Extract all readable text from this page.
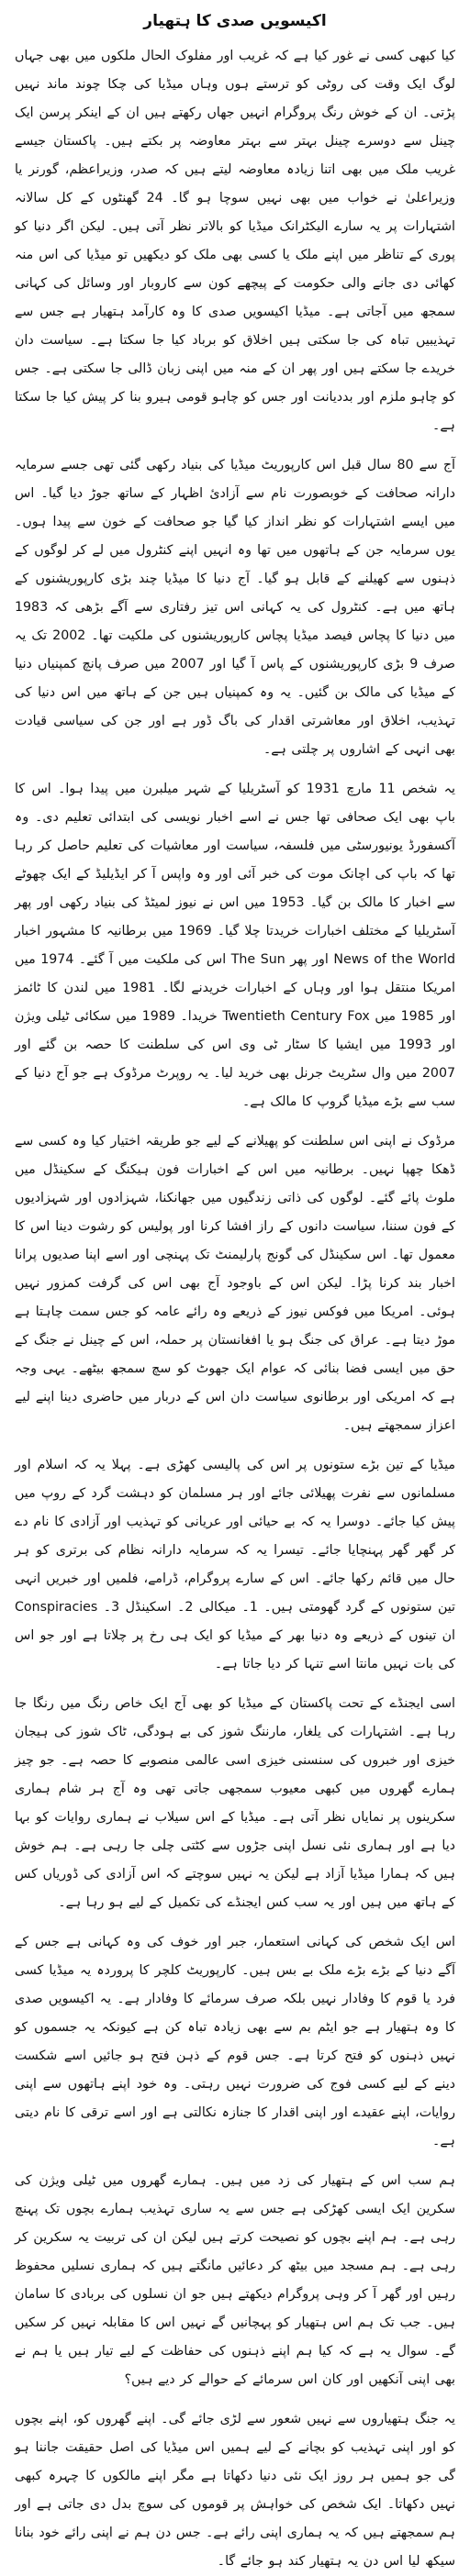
اکیسویں صدی کا ہتھیار

کیا کبھی کسی نے غور کیا ہے کہ غریب اور مفلوک الحال ملکوں میں بھی جہاں لوگ ایک وقت کی روٹی کو ترستے ہوں وہاں میڈیا کی چکا چوند ماند نہیں پڑتی۔ ان کے خوش رنگ پروگرام انہیں جھاں رکھتے ہیں ان کے اینکر پرسن ایک چینل سے دوسرے چینل بہتر سے بہتر معاوضہ پر بکتے ہیں۔ پاکستان جیسے غریب ملک میں بھی اتنا زیادہ معاوضہ لیتے ہیں کہ صدر، وزیراعظم، گورنر یا وزیراعلیٰ نے خواب میں بھی نہیں سوچا ہو گا۔ 24 گھنٹوں کے کل سالانہ اشتہارات پر یہ سارے الیکٹرانک میڈیا کو بالاتر نظر آتی ہیں۔ لیکن اگر دنیا کو پوری کے تناظر میں اپنے ملک یا کسی بھی ملک کو دیکھیں تو میڈیا کی اس منہ کھائی دی جانے والی حکومت کے پیچھے کون سے کاروبار اور وسائل کی کہانی سمجھ میں آجاتی ہے۔ میڈیا اکیسویں صدی کا وہ کارآمد ہتھیار ہے جس سے تہذیبیں تباہ کی جا سکتی ہیں اخلاق کو برباد کیا جا سکتا ہے۔ سیاست دان خریدے جا سکتے ہیں اور پھر ان کے منہ میں اپنی زبان ڈالی جا سکتی ہے۔ جس کو چاہو ملزم اور بددیانت اور جس کو چاہو قومی ہیرو بنا کر پیش کیا جا سکتا ہے۔

آج سے 80 سال قبل اس کارپوریٹ میڈیا کی بنیاد رکھی گئی تھی جسے سرمایہ دارانہ صحافت کے خوبصورت نام سے آزادیٔ اظہار کے ساتھ جوڑ دیا گیا۔ اس میں ایسے اشتہارات کو نظر انداز کیا گیا جو صحافت کے خون سے پیدا ہوں۔ یوں سرمایہ جن کے ہاتھوں میں تھا وہ انہیں اپنے کنٹرول میں لے کر لوگوں کے ذہنوں سے کھیلنے کے قابل ہو گیا۔ آج دنیا کا میڈیا چند بڑی کارپوریشنوں کے ہاتھ میں ہے۔ کنٹرول کی یہ کہانی اس تیز رفتاری سے آگے بڑھی کہ 1983 میں دنیا کا پچاس فیصد میڈیا پچاس کارپوریشنوں کی ملکیت تھا۔ 2002 تک یہ صرف 9 بڑی کارپوریشنوں کے پاس آ گیا اور 2007 میں صرف پانچ کمپنیاں دنیا کے میڈیا کی مالک بن گئیں۔ یہ وہ کمپنیاں ہیں جن کے ہاتھ میں اس دنیا کی تہذیب، اخلاق اور معاشرتی اقدار کی باگ ڈور ہے اور جن کی سیاسی قیادت بھی انہی کے اشاروں پر چلتی ہے۔

یہ شخص 11 مارچ 1931 کو آسٹریلیا کے شہر میلبرن میں پیدا ہوا۔ اس کا باپ بھی ایک صحافی تھا جس نے اسے اخبار نویسی کی ابتدائی تعلیم دی۔ وہ آکسفورڈ یونیورسٹی میں فلسفہ، سیاست اور معاشیات کی تعلیم حاصل کر رہا تھا کہ باپ کی اچانک موت کی خبر آئی اور وہ واپس آ کر ایڈیلیڈ کے ایک چھوٹے سے اخبار کا مالک بن گیا۔ 1953 میں اس نے نیوز لمیٹڈ کی بنیاد رکھی اور پھر آسٹریلیا کے مختلف اخبارات خریدتا چلا گیا۔ 1969 میں برطانیہ کا مشہور اخبار News of the World اور پھر The Sun اس کی ملکیت میں آ گئے۔ 1974 میں امریکا منتقل ہوا اور وہاں کے اخبارات خریدنے لگا۔ 1981 میں لندن کا ٹائمز اور 1985 میں Twentieth Century Fox خریدا۔ 1989 میں سکائی ٹیلی ویژن اور 1993 میں ایشیا کا سٹار ٹی وی اس کی سلطنت کا حصہ بن گئے اور 2007 میں وال سٹریٹ جرنل بھی خرید لیا۔ یہ روپرٹ مرڈوک ہے جو آج دنیا کے سب سے بڑے میڈیا گروپ کا مالک ہے۔

مرڈوک نے اپنی اس سلطنت کو پھیلانے کے لیے جو طریقہ اختیار کیا وہ کسی سے ڈھکا چھپا نہیں۔ برطانیہ میں اس کے اخبارات فون ہیکنگ کے سکینڈل میں ملوث پائے گئے۔ لوگوں کی ذاتی زندگیوں میں جھانکنا، شہزادوں اور شہزادیوں کے فون سننا، سیاست دانوں کے راز افشا کرنا اور پولیس کو رشوت دینا اس کا معمول تھا۔ اس سکینڈل کی گونج پارلیمنٹ تک پہنچی اور اسے اپنا صدیوں پرانا اخبار بند کرنا پڑا۔ لیکن اس کے باوجود آج بھی اس کی گرفت کمزور نہیں ہوئی۔ امریکا میں فوکس نیوز کے ذریعے وہ رائے عامہ کو جس سمت چاہتا ہے موڑ دیتا ہے۔ عراق کی جنگ ہو یا افغانستان پر حملہ، اس کے چینل نے جنگ کے حق میں ایسی فضا بنائی کہ عوام ایک جھوٹ کو سچ سمجھ بیٹھے۔ یہی وجہ ہے کہ امریکی اور برطانوی سیاست دان اس کے دربار میں حاضری دینا اپنے لیے اعزاز سمجھتے ہیں۔

میڈیا کے تین بڑے ستونوں پر اس کی پالیسی کھڑی ہے۔ پہلا یہ کہ اسلام اور مسلمانوں سے نفرت پھیلائی جائے اور ہر مسلمان کو دہشت گرد کے روپ میں پیش کیا جائے۔ دوسرا یہ کہ بے حیائی اور عریانی کو تہذیب اور آزادی کا نام دے کر گھر گھر پہنچایا جائے۔ تیسرا یہ کہ سرمایہ دارانہ نظام کی برتری کو ہر حال میں قائم رکھا جائے۔ اس کے سارے پروگرام، ڈرامے، فلمیں اور خبریں انہی تین ستونوں کے گرد گھومتی ہیں۔ 1۔ میکالی 2۔ اسکینڈل 3۔ Conspiracies ان تینوں کے ذریعے وہ دنیا بھر کے میڈیا کو ایک ہی رخ پر چلاتا ہے اور جو اس کی بات نہیں مانتا اسے تنہا کر دیا جاتا ہے۔

اسی ایجنڈے کے تحت پاکستان کے میڈیا کو بھی آج ایک خاص رنگ میں رنگا جا رہا ہے۔ اشتہارات کی یلغار، مارننگ شوز کی بے ہودگی، ٹاک شوز کی ہیجان خیزی اور خبروں کی سنسنی خیزی اسی عالمی منصوبے کا حصہ ہے۔ جو چیز ہمارے گھروں میں کبھی معیوب سمجھی جاتی تھی وہ آج ہر شام ہماری سکرینوں پر نمایاں نظر آتی ہے۔ میڈیا کے اس سیلاب نے ہماری روایات کو بہا دیا ہے اور ہماری نئی نسل اپنی جڑوں سے کٹتی چلی جا رہی ہے۔ ہم خوش ہیں کہ ہمارا میڈیا آزاد ہے لیکن یہ نہیں سوچتے کہ اس آزادی کی ڈوریاں کس کے ہاتھ میں ہیں اور یہ سب کس ایجنڈے کی تکمیل کے لیے ہو رہا ہے۔

اس ایک شخص کی کہانی استعمار، جبر اور خوف کی وہ کہانی ہے جس کے آگے دنیا کے بڑے بڑے ملک بے بس ہیں۔ کارپوریٹ کلچر کا پروردہ یہ میڈیا کسی فرد یا قوم کا وفادار نہیں بلکہ صرف سرمائے کا وفادار ہے۔ یہ اکیسویں صدی کا وہ ہتھیار ہے جو ایٹم بم سے بھی زیادہ تباہ کن ہے کیونکہ یہ جسموں کو نہیں ذہنوں کو فتح کرتا ہے۔ جس قوم کے ذہن فتح ہو جائیں اسے شکست دینے کے لیے کسی فوج کی ضرورت نہیں رہتی۔ وہ خود اپنے ہاتھوں سے اپنی روایات، اپنے عقیدے اور اپنی اقدار کا جنازہ نکالتی ہے اور اسے ترقی کا نام دیتی ہے۔

ہم سب اس کے ہتھیار کی زد میں ہیں۔ ہمارے گھروں میں ٹیلی ویژن کی سکرین ایک ایسی کھڑکی ہے جس سے یہ ساری تہذیب ہمارے بچوں تک پہنچ رہی ہے۔ ہم اپنے بچوں کو نصیحت کرتے ہیں لیکن ان کی تربیت یہ سکرین کر رہی ہے۔ ہم مسجد میں بیٹھ کر دعائیں مانگتے ہیں کہ ہماری نسلیں محفوظ رہیں اور گھر آ کر وہی پروگرام دیکھتے ہیں جو ان نسلوں کی بربادی کا سامان ہیں۔ جب تک ہم اس ہتھیار کو پہچانیں گے نہیں اس کا مقابلہ نہیں کر سکیں گے۔ سوال یہ ہے کہ کیا ہم اپنے ذہنوں کی حفاظت کے لیے تیار ہیں یا ہم نے بھی اپنی آنکھیں اور کان اس سرمائے کے حوالے کر دیے ہیں؟

یہ جنگ ہتھیاروں سے نہیں شعور سے لڑی جائے گی۔ اپنے گھروں کو، اپنے بچوں کو اور اپنی تہذیب کو بچانے کے لیے ہمیں اس میڈیا کی اصل حقیقت جاننا ہو گی جو ہمیں ہر روز ایک نئی دنیا دکھاتا ہے مگر اپنے مالکوں کا چہرہ کبھی نہیں دکھاتا۔ ایک شخص کی خواہش پر قوموں کی سوچ بدل دی جاتی ہے اور ہم سمجھتے ہیں کہ یہ ہماری اپنی رائے ہے۔ جس دن ہم نے اپنی رائے خود بنانا سیکھ لیا اس دن یہ ہتھیار کند ہو جائے گا۔
